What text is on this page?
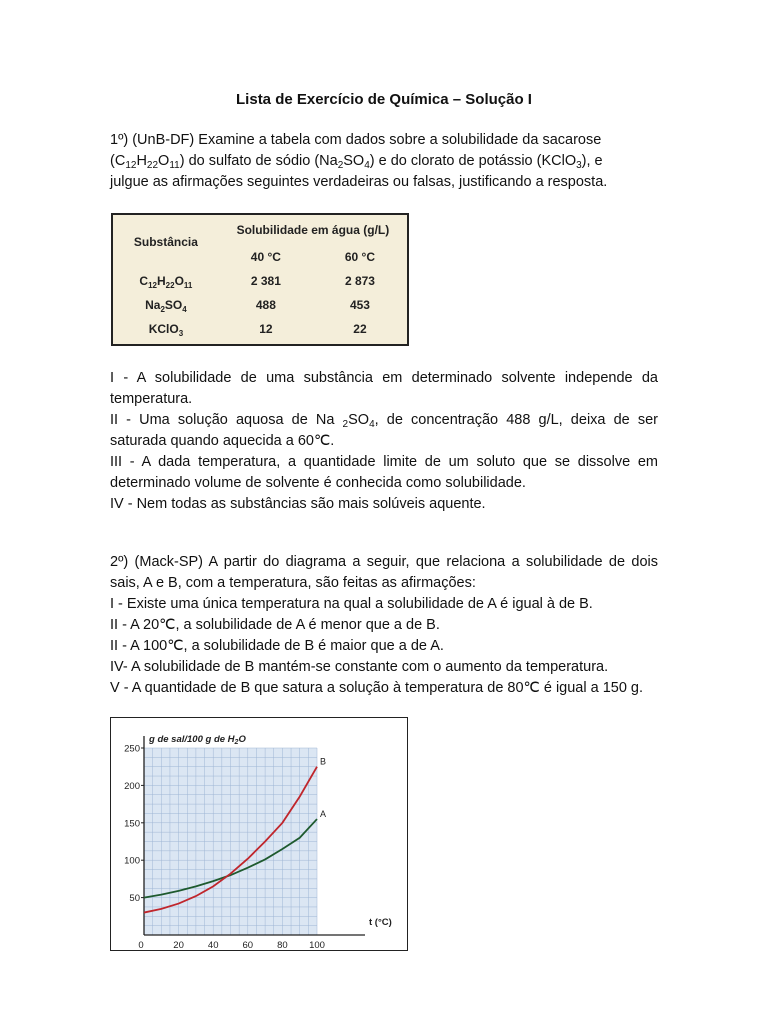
Lista de Exercício de Química – Solução I

1º) (UnB-DF) Examine a tabela com dados sobre a solubilidade da sacarose

$(C_{12}H_{22}O_{11})$ do sulfato de sódio $(Na_2SO_4)$ e do clorato de potássio (KClO$_3$), e

julgue as afirmações seguintes verdadeiras ou falsas, justificando a resposta.

Substância	Solubilidade em água (g/L)	
	40 °C	60 °C
$C_{12}H_{22}O_{11}$	2 381	2 873
$Na_2SO_4$	488	453
KClO$_3$	12	22

I - A solubilidade de uma substância em determinado solvente independe da temperatura.

II - Uma solução aquosa de Na $_2SO_4$, de concentração 488 g/L, deixa de ser saturada quando aquecida a 60℃.

III - A dada temperatura, a quantidade limite de um soluto que se dissolve em determinado volume de solvente é conhecida como solubilidade.

IV - Nem todas as substâncias são mais solúveis aquente.

2º) (Mack-SP) A partir do diagrama a seguir, que relaciona a solubilidade de dois sais, A e B, com a temperatura, são feitas as afirmações:

I - Existe uma única temperatura na qual a solubilidade de A é igual à de B.

II - A 20℃, a solubilidade de A é menor que a de B.

II - A 100℃, a solubilidade de B é maior que a de A.

IV- A solubilidade de B mantém-se constante com o aumento da temperatura.

V - A quantidade de B que satura a solução à temperatura de 80℃ é igual a 150 g.

0	20	40	60	80 100
50
100
150
200
250
A
B
g de sal/100 g de $H_2O$
t (°C)
